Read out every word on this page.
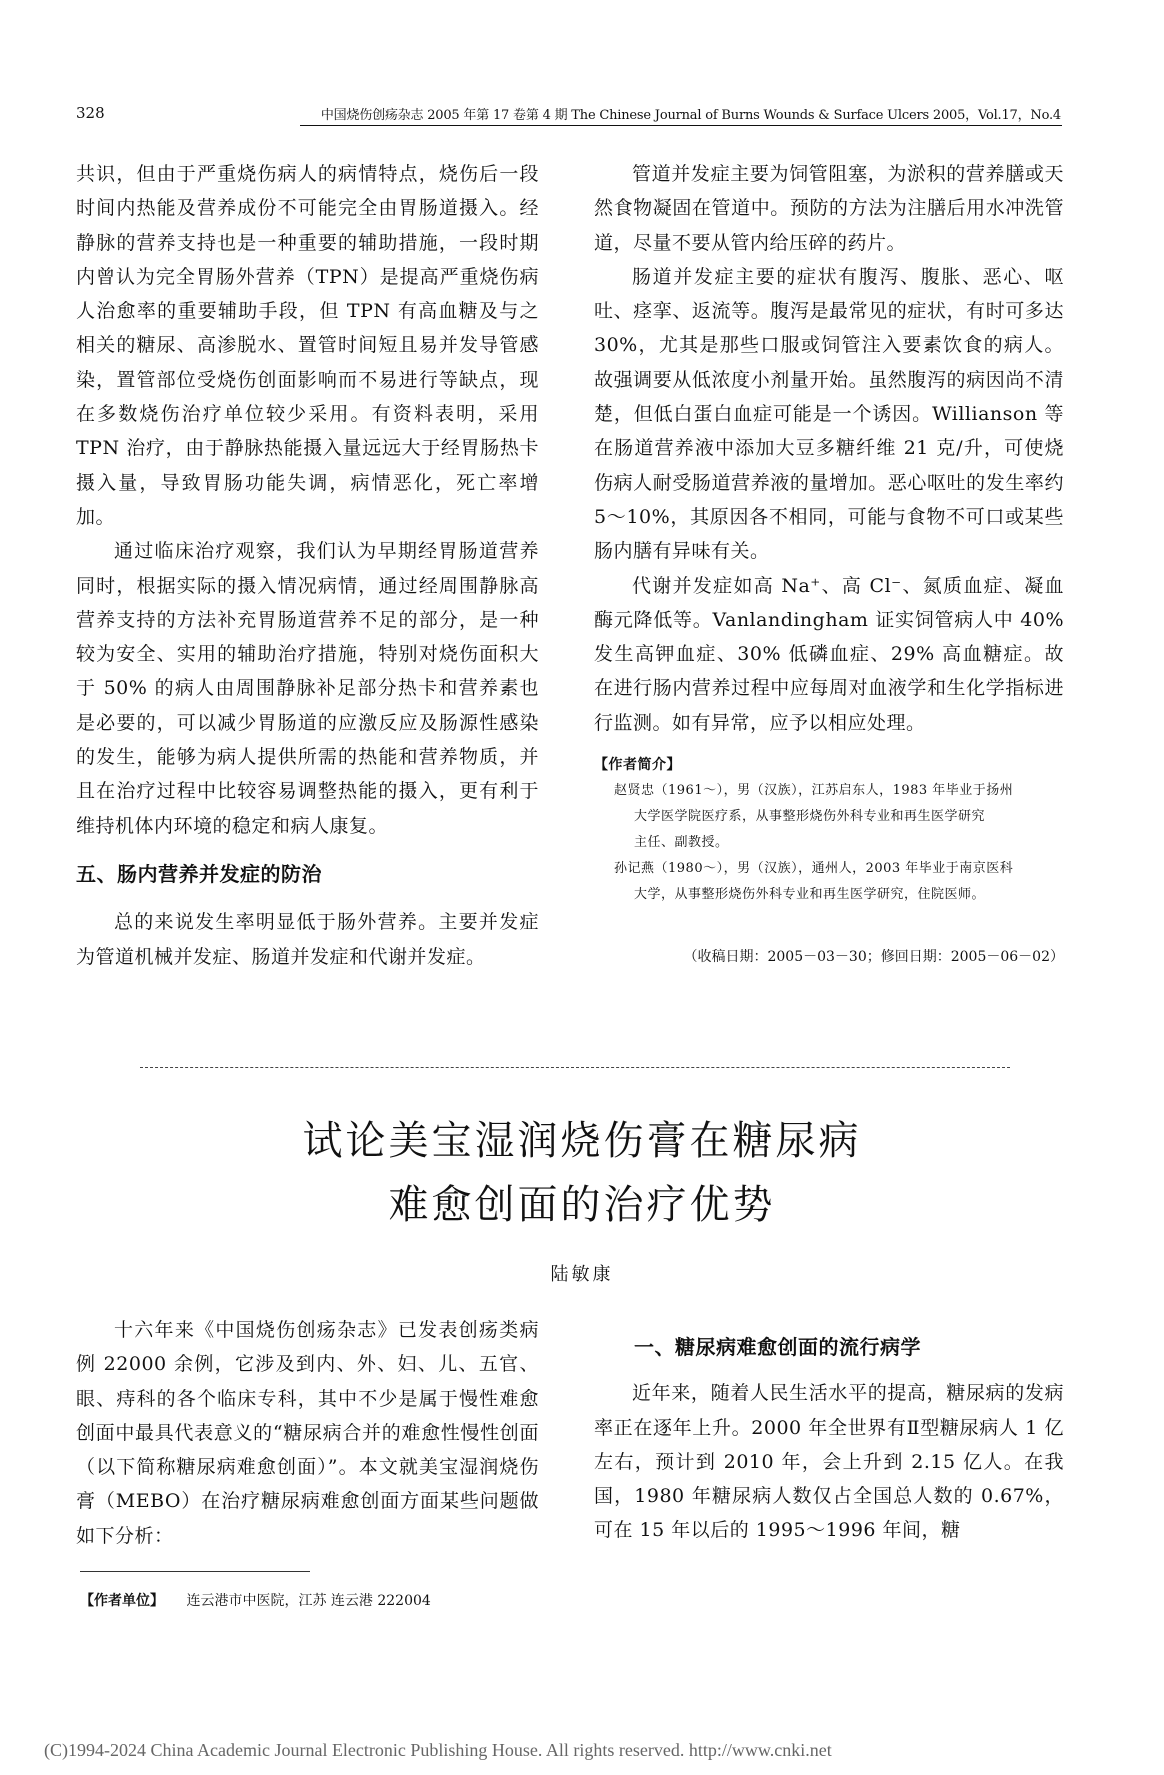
328	中国烧伤创疡杂志 2005 年第 17 卷第 4 期 The Chinese Journal of Burns Wounds & Surface Ulcers 2005，Vol.17，No.4

共识，但由于严重烧伤病人的病情特点，烧伤后一段时间内热能及营养成份不可能完全由胃肠道摄入。经静脉的营养支持也是一种重要的辅助措施，一段时期内曾认为完全胃肠外营养（TPN）是提高严重烧伤病人治愈率的重要辅助手段，但 TPN 有高血糖及与之相关的糖尿、高渗脱水、置管时间短且易并发导管感染，置管部位受烧伤创面影响而不易进行等缺点，现在多数烧伤治疗单位较少采用。有资料表明，采用 TPN 治疗，由于静脉热能摄入量远远大于经胃肠热卡摄入量，导致胃肠功能失调，病情恶化，死亡率增加。

通过临床治疗观察，我们认为早期经胃肠道营养同时，根据实际的摄入情况病情，通过经周围静脉高营养支持的方法补充胃肠道营养不足的部分，是一种较为安全、实用的辅助治疗措施，特别对烧伤面积大于 50% 的病人由周围静脉补足部分热卡和营养素也是必要的，可以减少胃肠道的应激反应及肠源性感染的发生，能够为病人提供所需的热能和营养物质，并且在治疗过程中比较容易调整热能的摄入，更有利于维持机体内环境的稳定和病人康复。

五、肠内营养并发症的防治

总的来说发生率明显低于肠外营养。主要并发症为管道机械并发症、肠道并发症和代谢并发症。

管道并发症主要为饲管阻塞，为淤积的营养膳或天然食物凝固在管道中。预防的方法为注膳后用水冲洗管道，尽量不要从管内给压碎的药片。

肠道并发症主要的症状有腹泻、腹胀、恶心、呕吐、痉挛、返流等。腹泻是最常见的症状，有时可多达 30%，尤其是那些口服或饲管注入要素饮食的病人。故强调要从低浓度小剂量开始。虽然腹泻的病因尚不清楚，但低白蛋白血症可能是一个诱因。Willianson 等在肠道营养液中添加大豆多糖纤维 21 克/升，可使烧伤病人耐受肠道营养液的量增加。恶心呕吐的发生率约 5～10%，其原因各不相同，可能与食物不可口或某些肠内膳有异味有关。

代谢并发症如高 Na⁺、高 Cl⁻、氮质血症、凝血酶元降低等。Vanlandingham 证实饲管病人中 40% 发生高钾血症、30% 低磷血症、29% 高血糖症。故在进行肠内营养过程中应每周对血液学和生化学指标进行监测。如有异常，应予以相应处理。

【作者简介】
赵贤忠（1961～），男（汉族），江苏启东人，1983 年毕业于扬州
大学医学院医疗系，从事整形烧伤外科专业和再生医学研究
主任、副教授。
孙记燕（1980～），男（汉族），通州人，2003 年毕业于南京医科
大学，从事整形烧伤外科专业和再生医学研究，住院医师。
（收稿日期：2005－03－30；修回日期：2005－06－02）
试论美宝湿润烧伤膏在糖尿病
难愈创面的治疗优势
陆敏康

十六年来《中国烧伤创疡杂志》已发表创疡类病例 22000 余例，它涉及到内、外、妇、儿、五官、眼、痔科的各个临床专科，其中不少是属于慢性难愈创面中最具代表意义的“糖尿病合并的难愈性慢性创面（以下简称糖尿病难愈创面）”。本文就美宝湿润烧伤膏（MEBO）在治疗糖尿病难愈创面方面某些问题做如下分析：

一、糖尿病难愈创面的流行病学

近年来，随着人民生活水平的提高，糖尿病的发病率正在逐年上升。2000 年全世界有Ⅱ型糖尿病人 1 亿左右，预计到 2010 年，会上升到 2.15 亿人。在我国，1980 年糖尿病人数仅占全国总人数的 0.67%，可在 15 年以后的 1995～1996 年间，糖

【作者单位】 连云港市中医院，江苏 连云港 222004
(C)1994-2024 China Academic Journal Electronic Publishing House. All rights reserved. http://www.cnki.net
